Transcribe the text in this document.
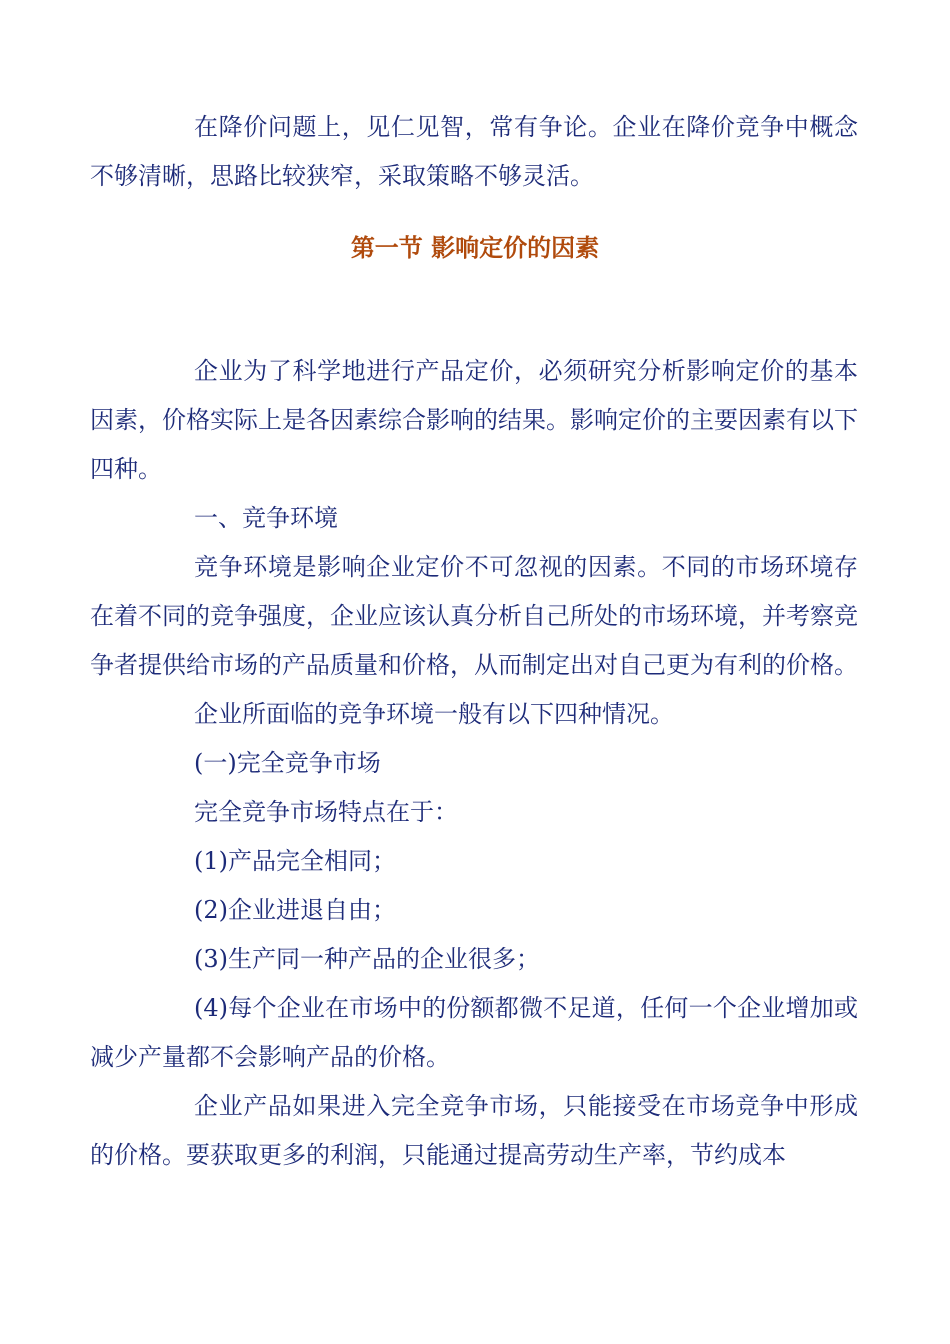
在降价问题上，见仁见智，常有争论。企业在降价竞争中概念不够清晰，思路比较狭窄，采取策略不够灵活。

第一节 影响定价的因素

企业为了科学地进行产品定价，必须研究分析影响定价的基本因素，价格实际上是各因素综合影响的结果。影响定价的主要因素有以下四种。

一、竞争环境

竞争环境是影响企业定价不可忽视的因素。不同的市场环境存在着不同的竞争强度，企业应该认真分析自己所处的市场环境，并考察竞争者提供给市场的产品质量和价格，从而制定出对自己更为有利的价格。

企业所面临的竞争环境一般有以下四种情况。

(一)完全竞争市场

完全竞争市场特点在于：

(1)产品完全相同；

(2)企业进退自由；

(3)生产同一种产品的企业很多；

(4)每个企业在市场中的份额都微不足道，任何一个企业增加或减少产量都不会影响产品的价格。

企业产品如果进入完全竞争市场，只能接受在市场竞争中形成的价格。要获取更多的利润，只能通过提高劳动生产率，节约成本
